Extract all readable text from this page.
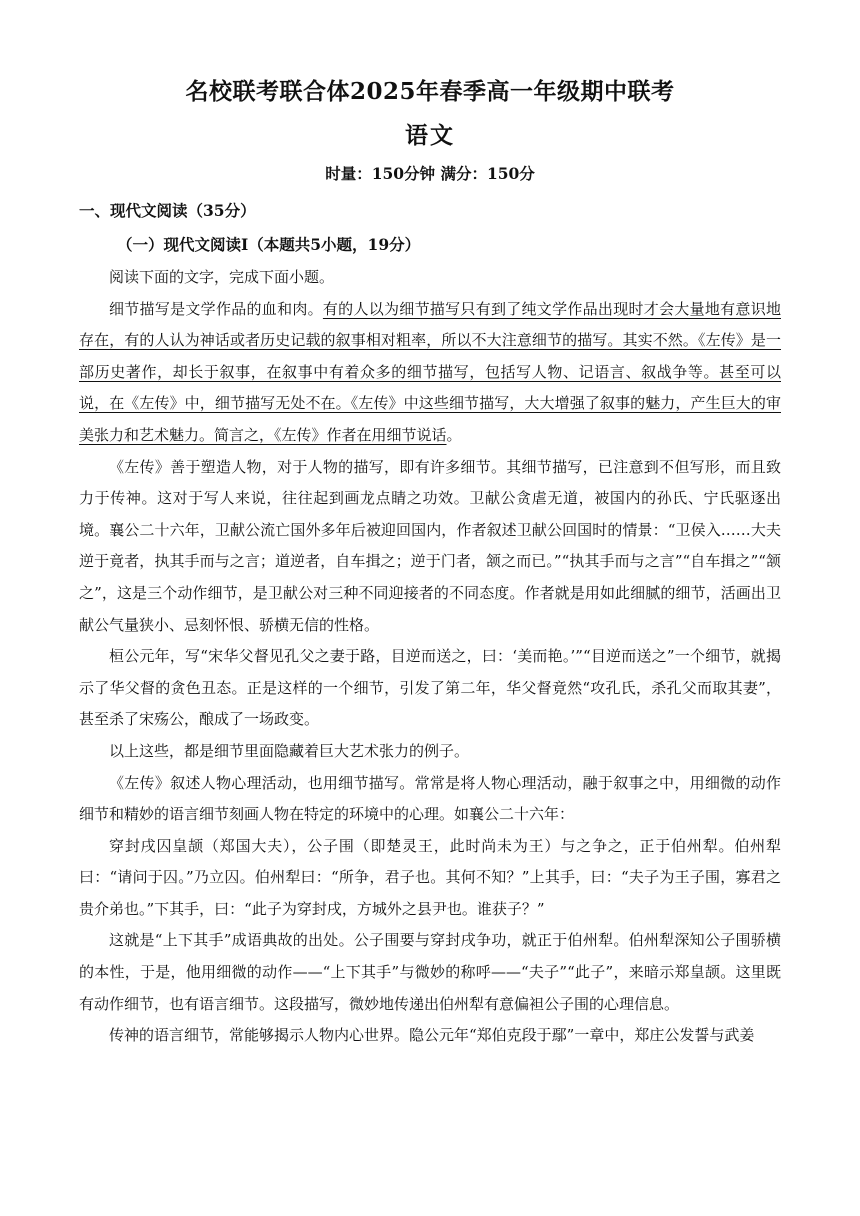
名校联考联合体2025年春季高一年级期中联考
语文
时量：150分钟 满分：150分
一、现代文阅读（35分）
（一）现代文阅读Ⅰ（本题共5小题，19分）

阅读下面的文字，完成下面小题。

细节描写是文学作品的血和肉。有的人以为细节描写只有到了纯文学作品出现时才会大量地有意识地存在，有的人认为神话或者历史记载的叙事相对粗率，所以不大注意细节的描写。其实不然。《左传》是一部历史著作，却长于叙事，在叙事中有着众多的细节描写，包括写人物、记语言、叙战争等。甚至可以说，在《左传》中，细节描写无处不在。《左传》中这些细节描写，大大增强了叙事的魅力，产生巨大的审美张力和艺术魅力。简言之，《左传》作者在用细节说话。

《左传》善于塑造人物，对于人物的描写，即有许多细节。其细节描写，已注意到不但写形，而且致力于传神。这对于写人来说，往往起到画龙点睛之功效。卫献公贪虐无道，被国内的孙氏、宁氏驱逐出境。襄公二十六年，卫献公流亡国外多年后被迎回国内，作者叙述卫献公回国时的情景：“卫侯入……大夫逆于竟者，执其手而与之言；道逆者，自车揖之；逆于门者，颔之而已。”“执其手而与之言”“自车揖之”“颔之”，这是三个动作细节，是卫献公对三种不同迎接者的不同态度。作者就是用如此细腻的细节，活画出卫献公气量狭小、忌刻怀恨、骄横无信的性格。

桓公元年，写“宋华父督见孔父之妻于路，目逆而送之，曰：‘美而艳。’”“目逆而送之”一个细节，就揭示了华父督的贪色丑态。正是这样的一个细节，引发了第二年，华父督竟然“攻孔氏，杀孔父而取其妻”，甚至杀了宋殇公，酿成了一场政变。

以上这些，都是细节里面隐藏着巨大艺术张力的例子。

《左传》叙述人物心理活动，也用细节描写。常常是将人物心理活动，融于叙事之中，用细微的动作细节和精妙的语言细节刻画人物在特定的环境中的心理。如襄公二十六年：

穿封戌囚皇颉（郑国大夫），公子围（即楚灵王，此时尚未为王）与之争之，正于伯州犁。伯州犁曰：“请问于囚。”乃立囚。伯州犁曰：“所争，君子也。其何不知？”上其手，曰：“夫子为王子围，寡君之贵介弟也。”下其手，曰：“此子为穿封戌，方城外之县尹也。谁获子？”

这就是“上下其手”成语典故的出处。公子围要与穿封戌争功，就正于伯州犁。伯州犁深知公子围骄横的本性，于是，他用细微的动作——“上下其手”与微妙的称呼——“夫子”“此子”，来暗示郑皇颉。这里既有动作细节，也有语言细节。这段描写，微妙地传递出伯州犁有意偏袒公子围的心理信息。

传神的语言细节，常能够揭示人物内心世界。隐公元年“郑伯克段于鄢”一章中，郑庄公发誓与武姜
